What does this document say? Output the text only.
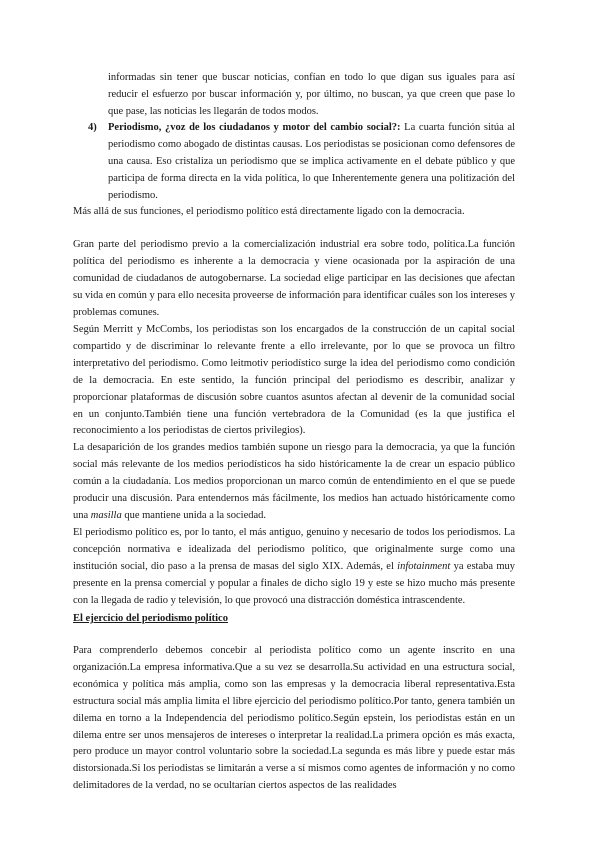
informadas sin tener que buscar noticias, confían en todo lo que digan sus iguales para así reducir el esfuerzo por buscar información y, por último, no buscan, ya que creen que pase lo que pase, las noticias les llegarán de todos modos.

4) Periodismo, ¿voz de los ciudadanos y motor del cambio social?: La cuarta función sitúa al periodismo como abogado de distintas causas. Los periodistas se posicionan como defensores de una causa. Eso cristaliza un periodismo que se implica activamente en el debate público y que participa de forma directa en la vida política, lo que Inherentemente genera una politización del periodismo.

Más allá de sus funciones, el periodismo político está directamente ligado con la democracia.

Gran parte del periodismo previo a la comercialización industrial era sobre todo, política.La función política del periodismo es inherente a la democracia y viene ocasionada por la aspiración de una comunidad de ciudadanos de autogobernarse. La sociedad elige participar en las decisiones que afectan su vida en común y para ello necesita proveerse de información para identificar cuáles son los intereses y problemas comunes.

Según Merritt y McCombs, los periodistas son los encargados de la construcción de un capital social compartido y de discriminar lo relevante frente a ello irrelevante, por lo que se provoca un filtro interpretativo del periodismo. Como leitmotiv periodístico surge la idea del periodismo como condición de la democracia. En este sentido, la función principal del periodismo es describir, analizar y proporcionar plataformas de discusión sobre cuantos asuntos afectan al devenir de la comunidad social en un conjunto.También tiene una función vertebradora de la Comunidad (es la que justifica el reconocimiento a los periodistas de ciertos privilegios).

La desaparición de los grandes medios también supone un riesgo para la democracia, ya que la función social más relevante de los medios periodísticos ha sido históricamente la de crear un espacio público común a la ciudadanía. Los medios proporcionan un marco común de entendimiento en el que se puede producir una discusión. Para entendernos más fácilmente, los medios han actuado históricamente como una masilla que mantiene unida a la sociedad.

El periodismo político es, por lo tanto, el más antiguo, genuino y necesario de todos los periodismos. La concepción normativa e idealizada del periodismo político, que originalmente surge como una institución social, dio paso a la prensa de masas del siglo XIX. Además, el infotainment ya estaba muy presente en la prensa comercial y popular a finales de dicho siglo 19 y este se hizo mucho más presente con la llegada de radio y televisión, lo que provocó una distracción doméstica intrascendente.

El ejercicio del periodismo político

Para comprenderlo debemos concebir al periodista político como un agente inscrito en una organización.La empresa informativa.Que a su vez se desarrolla.Su actividad en una estructura social, económica y política más amplia, como son las empresas y la democracia liberal representativa.Esta estructura social más amplia limita el libre ejercicio del periodismo político.Por tanto, genera también un dilema en torno a la Independencia del periodismo político.Según epstein, los periodistas están en un dilema entre ser unos mensajeros de intereses o interpretar la realidad.La primera opción es más exacta, pero produce un mayor control voluntario sobre la sociedad.La segunda es más libre y puede estar más distorsionada.Si los periodistas se limitarán a verse a sí mismos como agentes de información y no como delimitadores de la verdad, no se ocultarían ciertos aspectos de las realidades
